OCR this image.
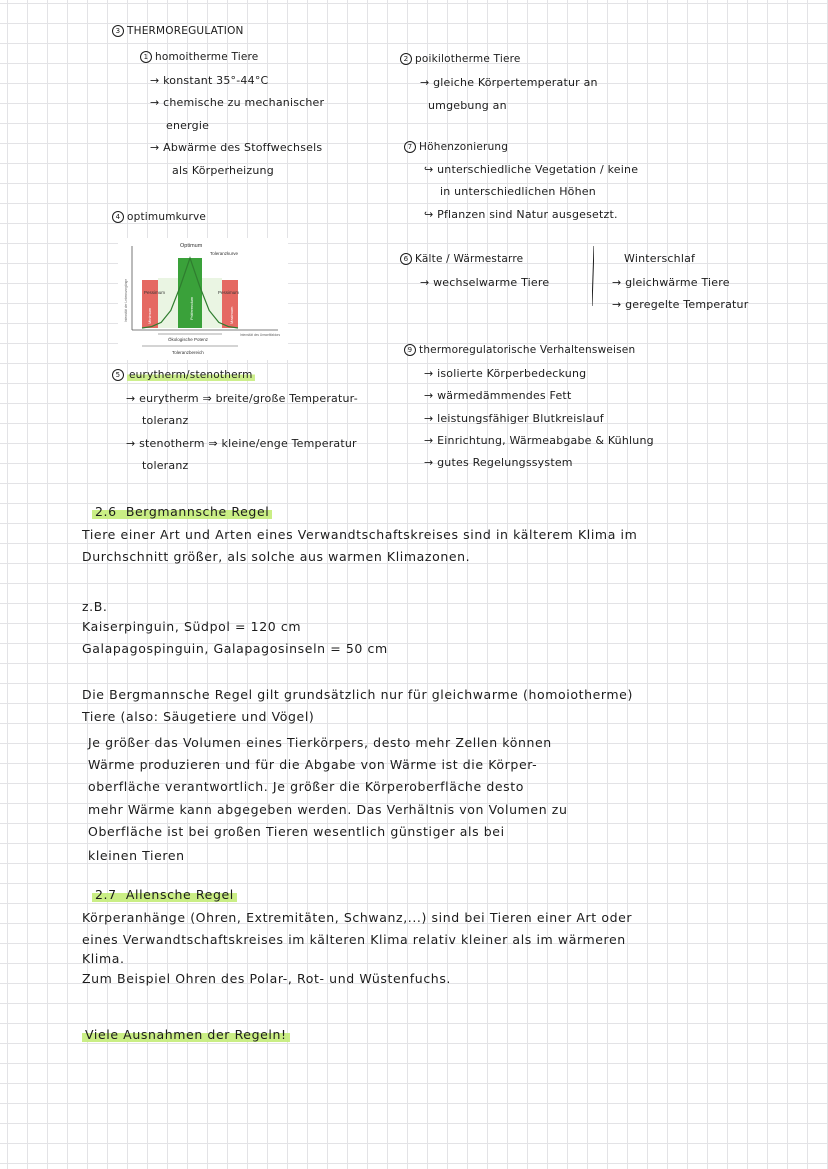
3 THERMOREGULATION
1 homoitherme Tiere
→ konstant 35°-44°C
→ chemische zu mechanischer
energie
→ Abwärme des Stoffwechsels
als Körperheizung
2 poikilotherme Tiere
→ gleiche Körpertemperatur an
umgebung an
7 Höhenzonierung
↪ unterschiedliche Vegetation / keine
in unterschiedlichen Höhen
↪ Pflanzen sind Natur ausgesetzt.
4 optimumkurve
Optimum
Toleranzkurve
Pessimum	Pessimum
Minimum	Maximum
Präferendum
Intensität der Lebensvorgänge
Intensität des Umweltfaktors
Ökologische Potenz
Toleranzbereich
6 Kälte / Wärmestarre
→ wechselwarme Tiere
Winterschlaf
→ gleichwärme Tiere
→ geregelte Temperatur
5 eurytherm/stenotherm
→ eurytherm ⇒ breite/große Temperatur-
toleranz
→ stenotherm ⇒ kleine/enge Temperatur
toleranz
9 thermoregulatorische Verhaltensweisen
→ isolierte Körperbedeckung
→ wärmedämmendes Fett
→ leistungsfähiger Blutkreislauf
→ Einrichtung, Wärmeabgabe & Kühlung
→ gutes Regelungssystem
2.6 Bergmannsche Regel
Tiere einer Art und Arten eines Verwandtschaftskreises sind in kälterem Klima im
Durchschnitt größer, als solche aus warmen Klimazonen.
z.B.
Kaiserpinguin, Südpol = 120 cm
Galapagospinguin, Galapagosinseln = 50 cm
Die Bergmannsche Regel gilt grundsätzlich nur für gleichwarme (homoiotherme)
Tiere (also: Säugetiere und Vögel)
Je größer das Volumen eines Tierkörpers, desto mehr Zellen können
Wärme produzieren und für die Abgabe von Wärme ist die Körper-
oberfläche verantwortlich. Je größer die Körperoberfläche desto
mehr Wärme kann abgegeben werden. Das Verhältnis von Volumen zu
Oberfläche ist bei großen Tieren wesentlich günstiger als bei
kleinen Tieren
2.7 Allensche Regel
Körperanhänge (Ohren, Extremitäten, Schwanz,...) sind bei Tieren einer Art oder
eines Verwandtschaftskreises im kälteren Klima relativ kleiner als im wärmeren
Klima.
Zum Beispiel Ohren des Polar-, Rot- und Wüstenfuchs.
Viele Ausnahmen der Regeln!
